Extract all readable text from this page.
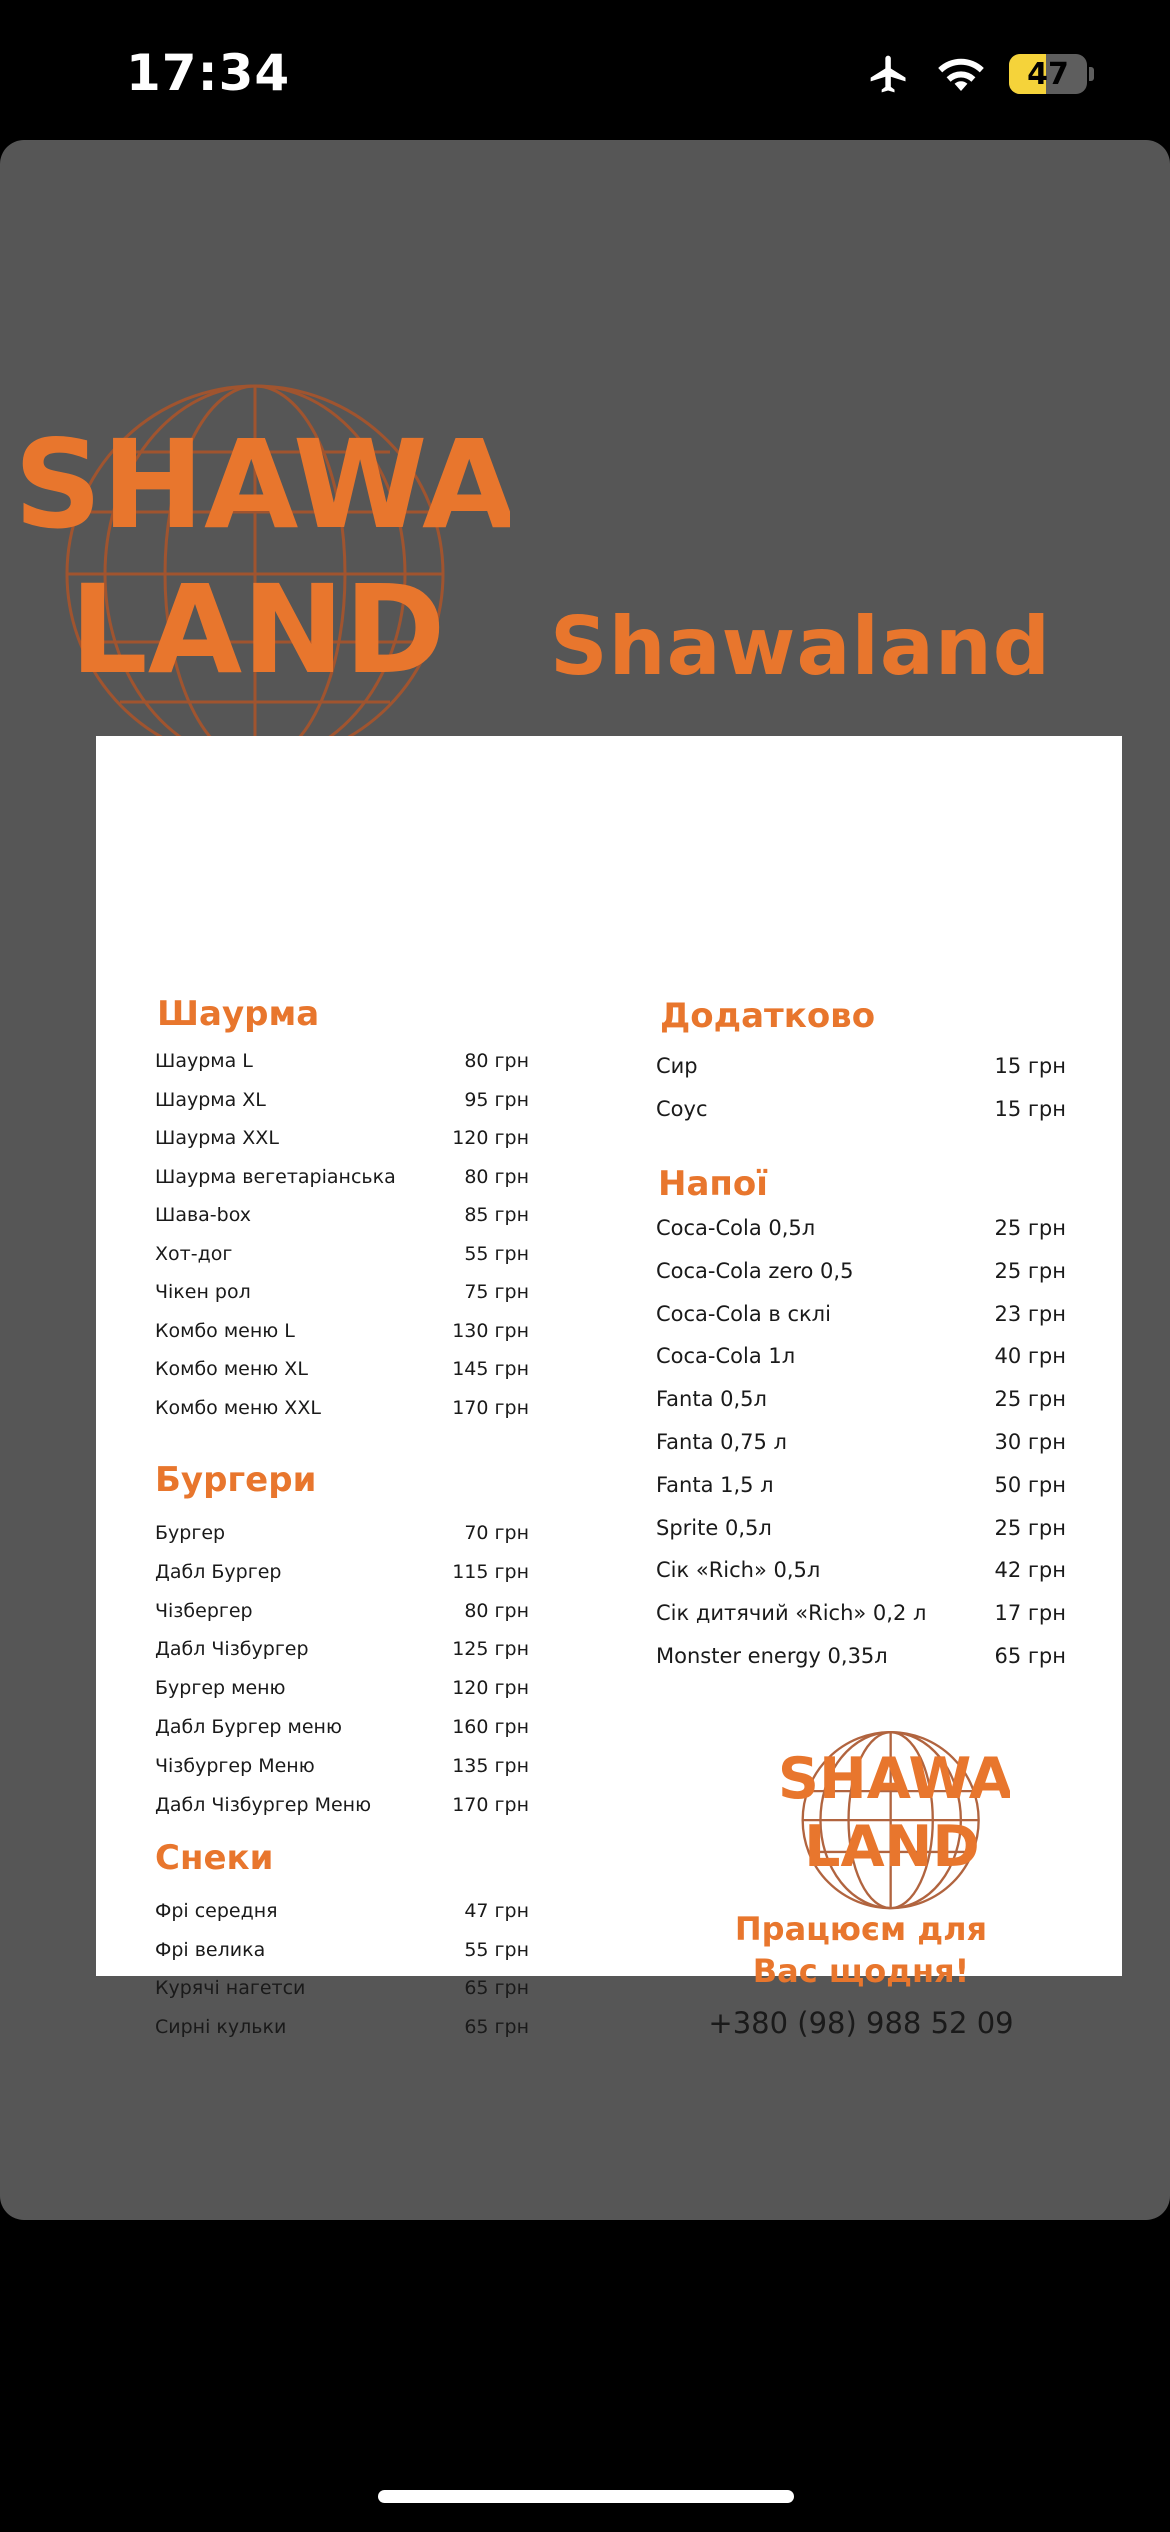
17:34	47
SHAWA
LAND Shawaland
Шаурма
Шаурма L	80 грн
Шаурма XL	95 грн
Шаурма XXL	120 грн
Шаурма вегетаріанська	80 грн
Шава-box	85 грн
Хот-дог	55 грн
Чікен рол	75 грн
Комбо меню L	130 грн
Комбо меню XL	145 грн
Комбо меню XXL	170 грн
Бургери
Бургер	70 грн
Дабл Бургер	115 грн
Чізбергер	80 грн
Дабл Чізбургер	125 грн
Бургер меню	120 грн
Дабл Бургер меню	160 грн
Чізбургер Меню	135 грн
Дабл Чізбургер Меню	170 грн
Снеки
Фрі середня	47 грн
Фрі велика	55 грн
Курячі нагетси	65 грн
Сирні кульки	65 грн
Додатково
Сир	15 грн
Соус	15 грн
Напої
Coca-Cola 0,5л	25 грн
Coca-Cola zero 0,5	25 грн
Coca-Cola в склі	23 грн
Coca-Cola 1л	40 грн
Fanta 0,5л	25 грн
Fanta 0,75 л	30 грн
Fanta 1,5 л	50 грн
Sprite 0,5л	25 грн
Сік «Rich» 0,5л	42 грн
Сік дитячий «Rich» 0,2 л	17 грн
Monster energy 0,35л	65 грн
Працюєм для
Вас щодня!
+380 (98) 988 52 09
SHAWA
LAND
